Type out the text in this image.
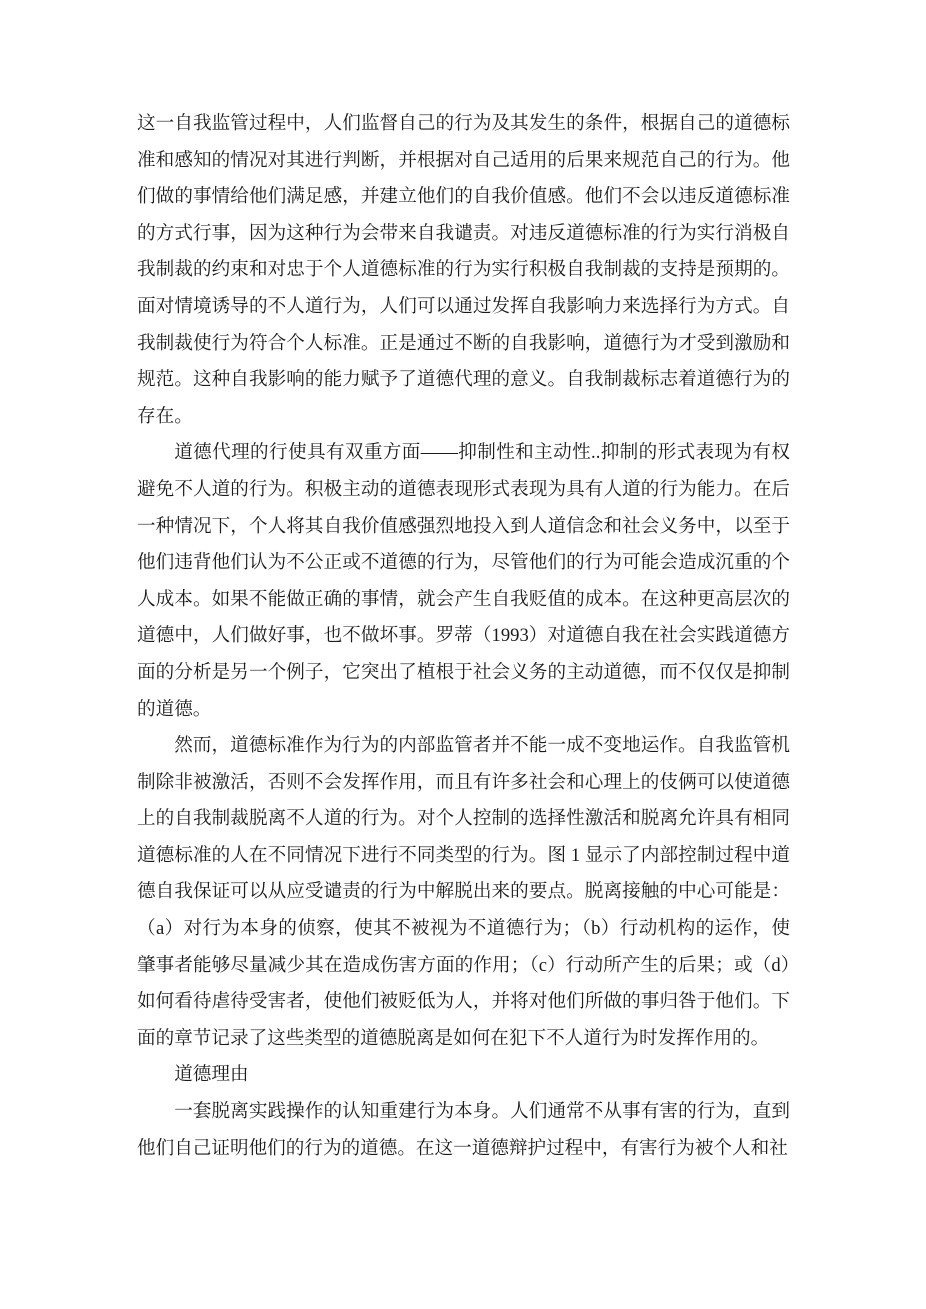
这一自我监管过程中，人们监督自己的行为及其发生的条件，根据自己的道德标准和感知的情况对其进行判断，并根据对自己适用的后果来规范自己的行为。他们做的事情给他们满足感，并建立他们的自我价值感。他们不会以违反道德标准的方式行事，因为这种行为会带来自我谴责。对违反道德标准的行为实行消极自我制裁的约束和对忠于个人道德标准的行为实行积极自我制裁的支持是预期的。面对情境诱导的不人道行为，人们可以通过发挥自我影响力来选择行为方式。自我制裁使行为符合个人标准。正是通过不断的自我影响，道德行为才受到激励和规范。这种自我影响的能力赋予了道德代理的意义。自我制裁标志着道德行为的存在。

道德代理的行使具有双重方面——抑制性和主动性..抑制的形式表现为有权避免不人道的行为。积极主动的道德表现形式表现为具有人道的行为能力。在后一种情况下，个人将其自我价值感强烈地投入到人道信念和社会义务中，以至于他们违背他们认为不公正或不道德的行为，尽管他们的行为可能会造成沉重的个人成本。如果不能做正确的事情，就会产生自我贬值的成本。在这种更高层次的道德中，人们做好事，也不做坏事。罗蒂（1993）对道德自我在社会实践道德方面的分析是另一个例子，它突出了植根于社会义务的主动道德，而不仅仅是抑制的道德。

然而，道德标准作为行为的内部监管者并不能一成不变地运作。自我监管机制除非被激活，否则不会发挥作用，而且有许多社会和心理上的伎俩可以使道德上的自我制裁脱离不人道的行为。对个人控制的选择性激活和脱离允许具有相同道德标准的人在不同情况下进行不同类型的行为。图 1 显示了内部控制过程中道德自我保证可以从应受谴责的行为中解脱出来的要点。脱离接触的中心可能是：（a）对行为本身的侦察，使其不被视为不道德行为；（b）行动机构的运作，使肇事者能够尽量减少其在造成伤害方面的作用；（c）行动所产生的后果；或（d）如何看待虐待受害者，使他们被贬低为人，并将对他们所做的事归咎于他们。下面的章节记录了这些类型的道德脱离是如何在犯下不人道行为时发挥作用的。

道德理由

一套脱离实践操作的认知重建行为本身。人们通常不从事有害的行为，直到他们自己证明他们的行为的道德。在这一道德辩护过程中，有害行为被个人和社
